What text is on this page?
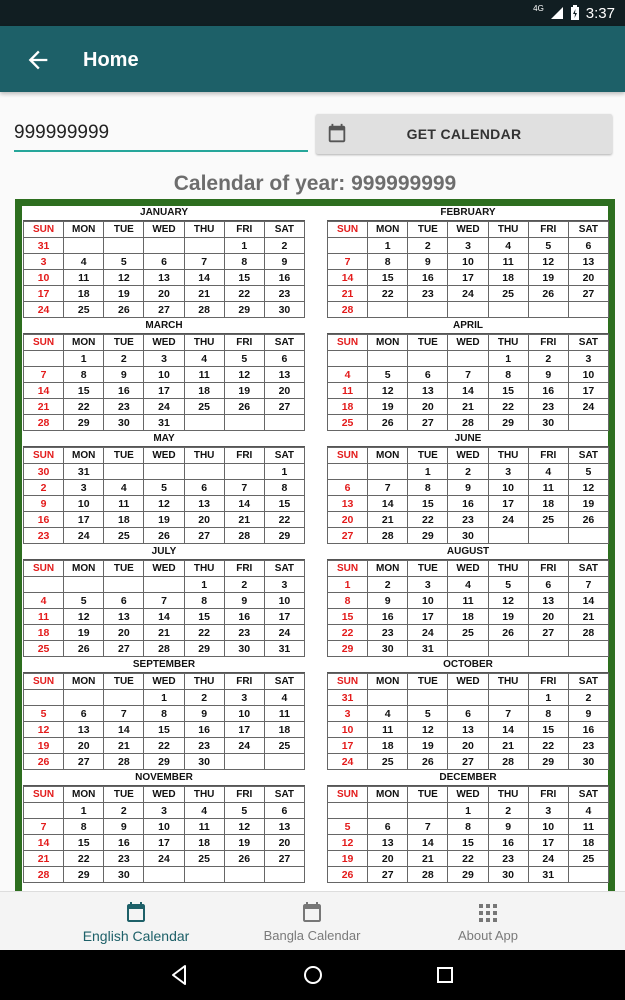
4G	3:37
Home
999999999
GET CALENDAR
Calendar of year: 999999999
JANUARY
SUN	MON	TUE	WED	THU	FRI	SAT
31					1	2
3	4	5	6	7	8	9
10	11	12	13	14	15	16
17	18	19	20	21	22	23
24	25	26	27	28	29	30
MARCH
SUN	MON	TUE	WED	THU	FRI	SAT
	1	2	3	4	5	6
7	8	9	10	11	12	13
14	15	16	17	18	19	20
21	22	23	24	25	26	27
28	29	30	31			
MAY
SUN	MON	TUE	WED	THU	FRI	SAT
30	31					1
2	3	4	5	6	7	8
9	10	11	12	13	14	15
16	17	18	19	20	21	22
23	24	25	26	27	28	29
JULY
SUN	MON	TUE	WED	THU	FRI	SAT
				1	2	3
4	5	6	7	8	9	10
11	12	13	14	15	16	17
18	19	20	21	22	23	24
25	26	27	28	29	30	31
SEPTEMBER
SUN	MON	TUE	WED	THU	FRI	SAT
			1	2	3	4
5	6	7	8	9	10	11
12	13	14	15	16	17	18
19	20	21	22	23	24	25
26	27	28	29	30		
NOVEMBER
SUN	MON	TUE	WED	THU	FRI	SAT
	1	2	3	4	5	6
7	8	9	10	11	12	13
14	15	16	17	18	19	20
21	22	23	24	25	26	27
28	29	30				
FEBRUARY
SUN	MON	TUE	WED	THU	FRI	SAT
	1	2	3	4	5	6
7	8	9	10	11	12	13
14	15	16	17	18	19	20
21	22	23	24	25	26	27
28						
APRIL
SUN	MON	TUE	WED	THU	FRI	SAT
				1	2	3
4	5	6	7	8	9	10
11	12	13	14	15	16	17
18	19	20	21	22	23	24
25	26	27	28	29	30	
JUNE
SUN	MON	TUE	WED	THU	FRI	SAT
		1	2	3	4	5
6	7	8	9	10	11	12
13	14	15	16	17	18	19
20	21	22	23	24	25	26
27	28	29	30			
AUGUST
SUN	MON	TUE	WED	THU	FRI	SAT
1	2	3	4	5	6	7
8	9	10	11	12	13	14
15	16	17	18	19	20	21
22	23	24	25	26	27	28
29	30	31				
OCTOBER
SUN	MON	TUE	WED	THU	FRI	SAT
31					1	2
3	4	5	6	7	8	9
10	11	12	13	14	15	16
17	18	19	20	21	22	23
24	25	26	27	28	29	30
DECEMBER
SUN	MON	TUE	WED	THU	FRI	SAT
			1	2	3	4
5	6	7	8	9	10	11
12	13	14	15	16	17	18
19	20	21	22	23	24	25
26	27	28	29	30	31	
English Calendar	Bangla Calendar	About App
